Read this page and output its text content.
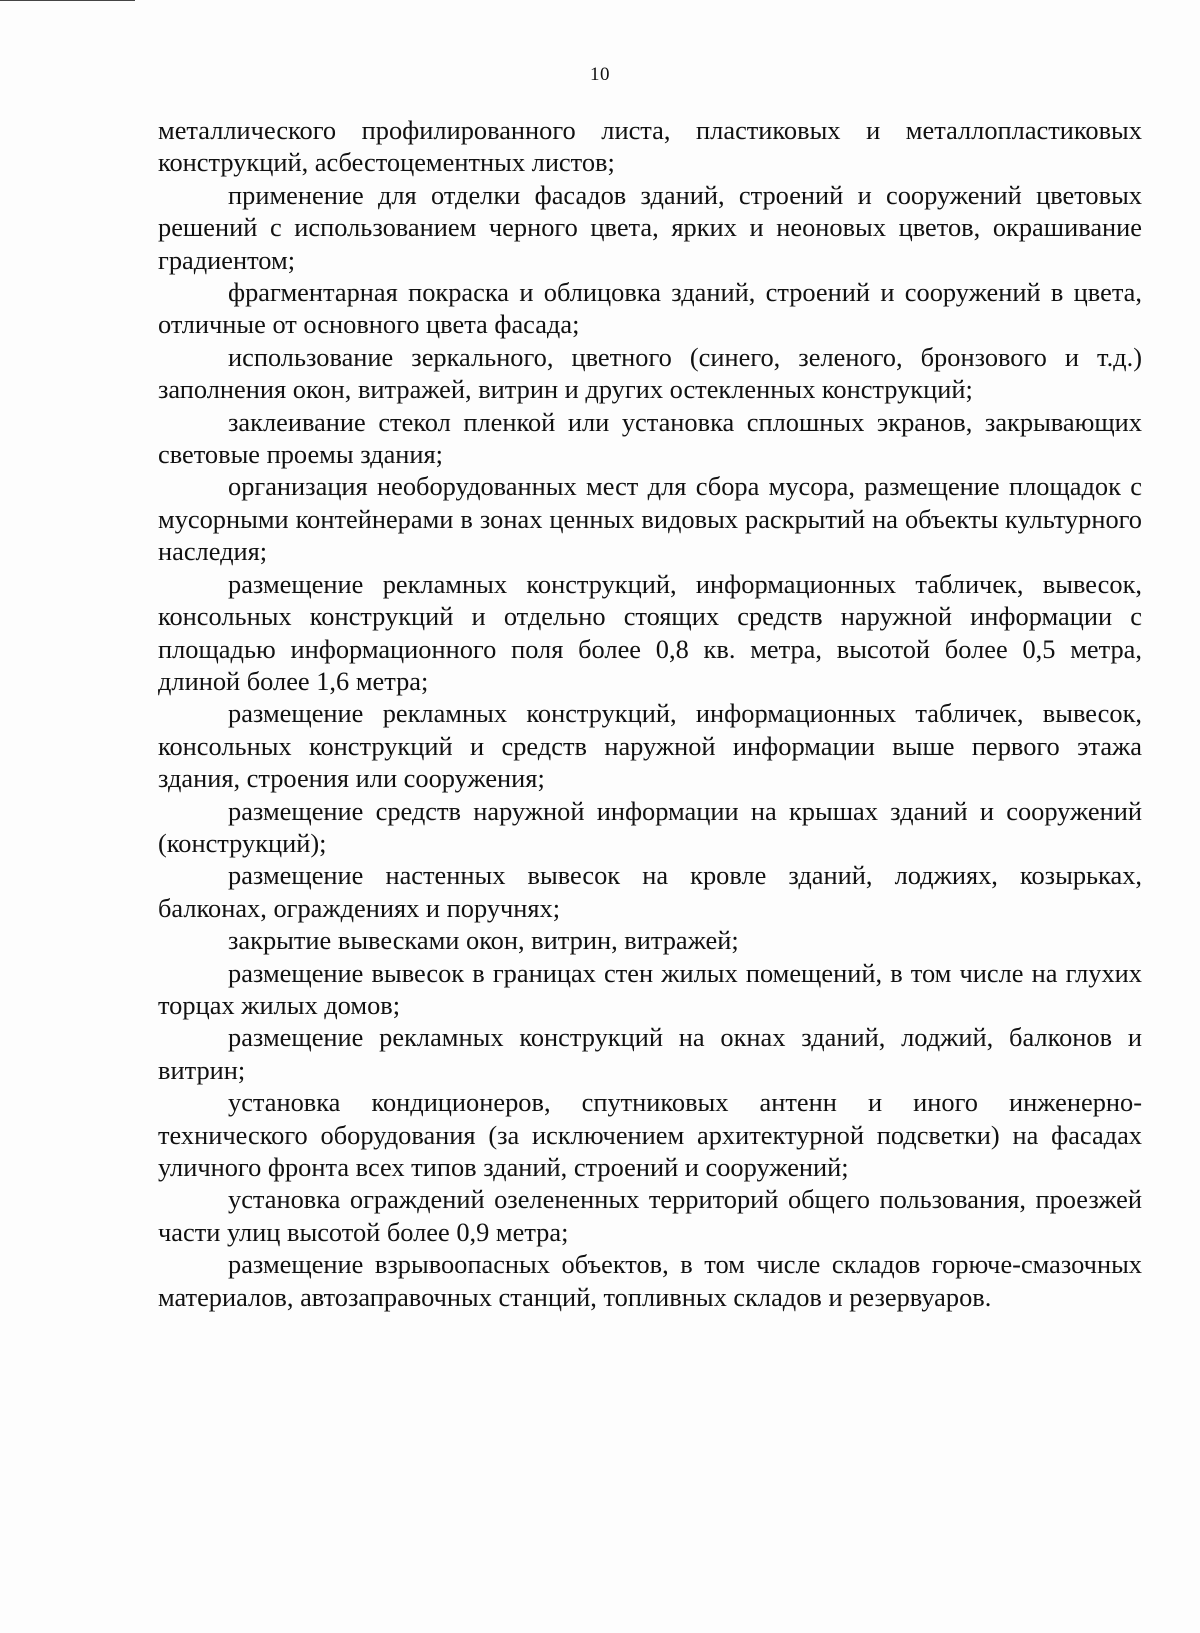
10

металлического профилированного листа, пластиковых и металлопластиковых конструкций, асбестоцементных листов;

применение для отделки фасадов зданий, строений и сооружений цветовых решений с использованием черного цвета, ярких и неоновых цветов, окрашивание градиентом;

фрагментарная покраска и облицовка зданий, строений и сооружений в цвета, отличные от основного цвета фасада;

использование зеркального, цветного (синего, зеленого, бронзового и т.д.) заполнения окон, витражей, витрин и других остекленных конструкций;

заклеивание стекол пленкой или установка сплошных экранов, закрывающих световые проемы здания;

организация необорудованных мест для сбора мусора, размещение площадок с мусорными контейнерами в зонах ценных видовых раскрытий на объекты культурного наследия;

размещение рекламных конструкций, информационных табличек, вывесок, консольных конструкций и отдельно стоящих средств наружной информации с площадью информационного поля более 0,8 кв. метра, высотой более 0,5 метра, длиной более 1,6 метра;

размещение рекламных конструкций, информационных табличек, вывесок, консольных конструкций и средств наружной информации выше первого этажа здания, строения или сооружения;

размещение средств наружной информации на крышах зданий и сооружений (конструкций);

размещение настенных вывесок на кровле зданий, лоджиях, козырьках, балконах, ограждениях и поручнях;

закрытие вывесками окон, витрин, витражей;

размещение вывесок в границах стен жилых помещений, в том числе на глухих торцах жилых домов;

размещение рекламных конструкций на окнах зданий, лоджий, балконов и витрин;

установка кондиционеров, спутниковых антенн и иного инженерно-технического оборудования (за исключением архитектурной подсветки) на фасадах уличного фронта всех типов зданий, строений и сооружений;

установка ограждений озелененных территорий общего пользования, проезжей части улиц высотой более 0,9 метра;

размещение взрывоопасных объектов, в том числе складов горюче-смазочных материалов, автозаправочных станций, топливных складов и резервуаров.
